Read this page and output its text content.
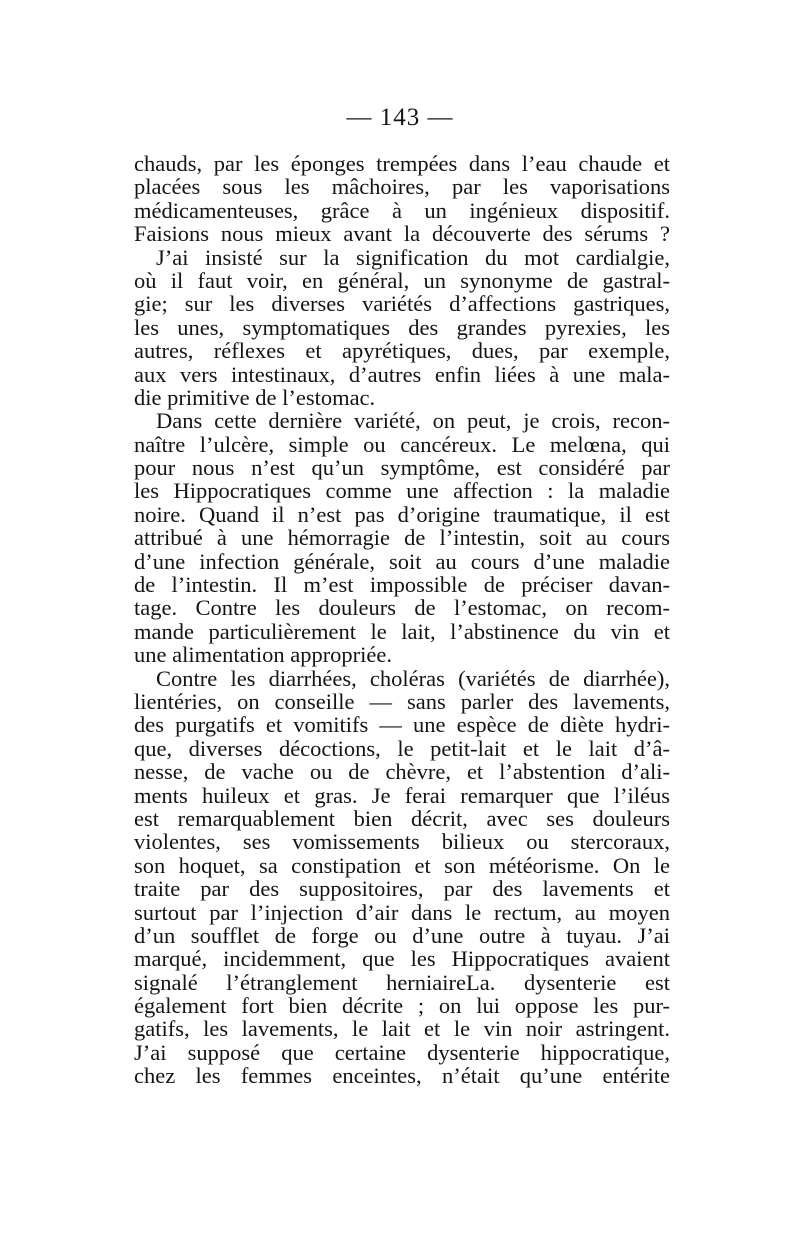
— 143 —
chauds, par les éponges trempées dans l’eau chaude et
placées sous les mâchoires, par les vaporisations
médicamenteuses, grâce à un ingénieux dispositif.
Faisions nous mieux avant la découverte des sérums ?
J’ai insisté sur la signification du mot cardialgie,
où il faut voir, en général, un synonyme de gastral-
gie; sur les diverses variétés d’affections gastriques,
les unes, symptomatiques des grandes pyrexies, les
autres, réflexes et apyrétiques, dues, par exemple,
aux vers intestinaux, d’autres enfin liées à une mala-
die primitive de l’estomac.
Dans cette dernière variété, on peut, je crois, recon-
naître l’ulcère, simple ou cancéreux. Le melœna, qui
pour nous n’est qu’un symptôme, est considéré par
les Hippocratiques comme une affection : la maladie
noire. Quand il n’est pas d’origine traumatique, il est
attribué à une hémorragie de l’intestin, soit au cours
d’une infection générale, soit au cours d’une maladie
de l’intestin. Il m’est impossible de préciser davan-
tage. Contre les douleurs de l’estomac, on recom-
mande particulièrement le lait, l’abstinence du vin et
une alimentation appropriée.
Contre les diarrhées, choléras (variétés de diarrhée),
lientéries, on conseille — sans parler des lavements,
des purgatifs et vomitifs — une espèce de diète hydri-
que, diverses décoctions, le petit-lait et le lait d’â-
nesse, de vache ou de chèvre, et l’abstention d’ali-
ments huileux et gras. Je ferai remarquer que l’iléus
est remarquablement bien décrit, avec ses douleurs
violentes, ses vomissements bilieux ou stercoraux,
son hoquet, sa constipation et son météorisme. On le
traite par des suppositoires, par des lavements et
surtout par l’injection d’air dans le rectum, au moyen
d’un soufflet de forge ou d’une outre à tuyau. J’ai
marqué, incidemment, que les Hippocratiques avaient
signalé l’étranglement herniaireLa. dysenterie est
également fort bien décrite ; on lui oppose les pur-
gatifs, les lavements, le lait et le vin noir astringent.
J’ai supposé que certaine dysenterie hippocratique,
chez les femmes enceintes, n’était qu’une entérite
